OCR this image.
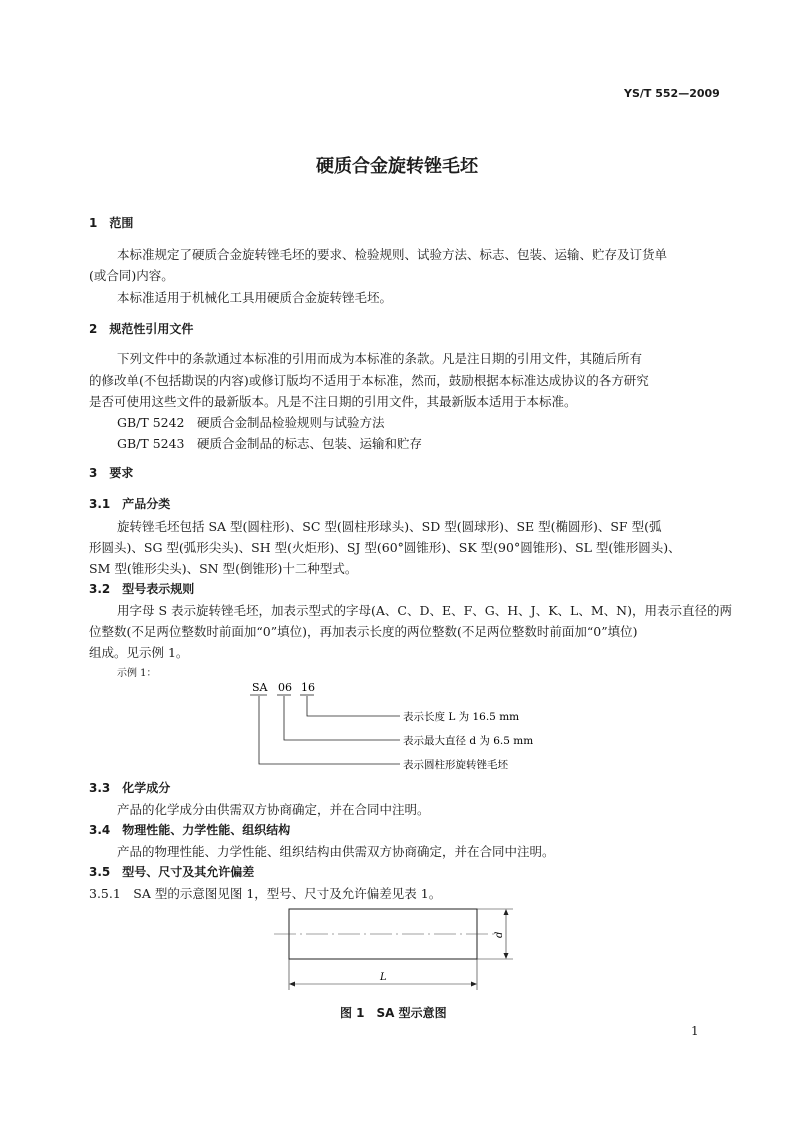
YS/T 552—2009
硬质合金旋转锉毛坯
1　范围
本标准规定了硬质合金旋转锉毛坯的要求、检验规则、试验方法、标志、包装、运输、贮存及订货单
(或合同)内容。
本标准适用于机械化工具用硬质合金旋转锉毛坯。
2　规范性引用文件
下列文件中的条款通过本标准的引用而成为本标准的条款。凡是注日期的引用文件，其随后所有
的修改单(不包括勘误的内容)或修订版均不适用于本标准，然而，鼓励根据本标准达成协议的各方研究
是否可使用这些文件的最新版本。凡是不注日期的引用文件，其最新版本适用于本标准。
GB/T 5242　硬质合金制品检验规则与试验方法
GB/T 5243　硬质合金制品的标志、包装、运输和贮存
3　要求
3.1　产品分类
旋转锉毛坯包括 SA 型(圆柱形)、SC 型(圆柱形球头)、SD 型(圆球形)、SE 型(椭圆形)、SF 型(弧
形圆头)、SG 型(弧形尖头)、SH 型(火炬形)、SJ 型(60°圆锥形)、SK 型(90°圆锥形)、SL 型(锥形圆头)、
SM 型(锥形尖头)、SN 型(倒锥形)十二种型式。
3.2　型号表示规则
用字母 S 表示旋转锉毛坯，加表示型式的字母(A、C、D、E、F、G、H、J、K、L、M、N)，用表示直径的两
位整数(不足两位整数时前面加“0”填位)，再加表示长度的两位整数(不足两位整数时前面加“0”填位)
组成。见示例 1。
示例 1：
SA 06 16
表示长度 L 为 16.5 mm
表示最大直径 d 为 6.5 mm
表示圆柱形旋转锉毛坯
3.3　化学成分
产品的化学成分由供需双方协商确定，并在合同中注明。
3.4　物理性能、力学性能、组织结构
产品的物理性能、力学性能、组织结构由供需双方协商确定，并在合同中注明。
3.5　型号、尺寸及其允许偏差
3.5.1　SA 型的示意图见图 1，型号、尺寸及允许偏差见表 1。
d
L
图 1　SA 型示意图
1
